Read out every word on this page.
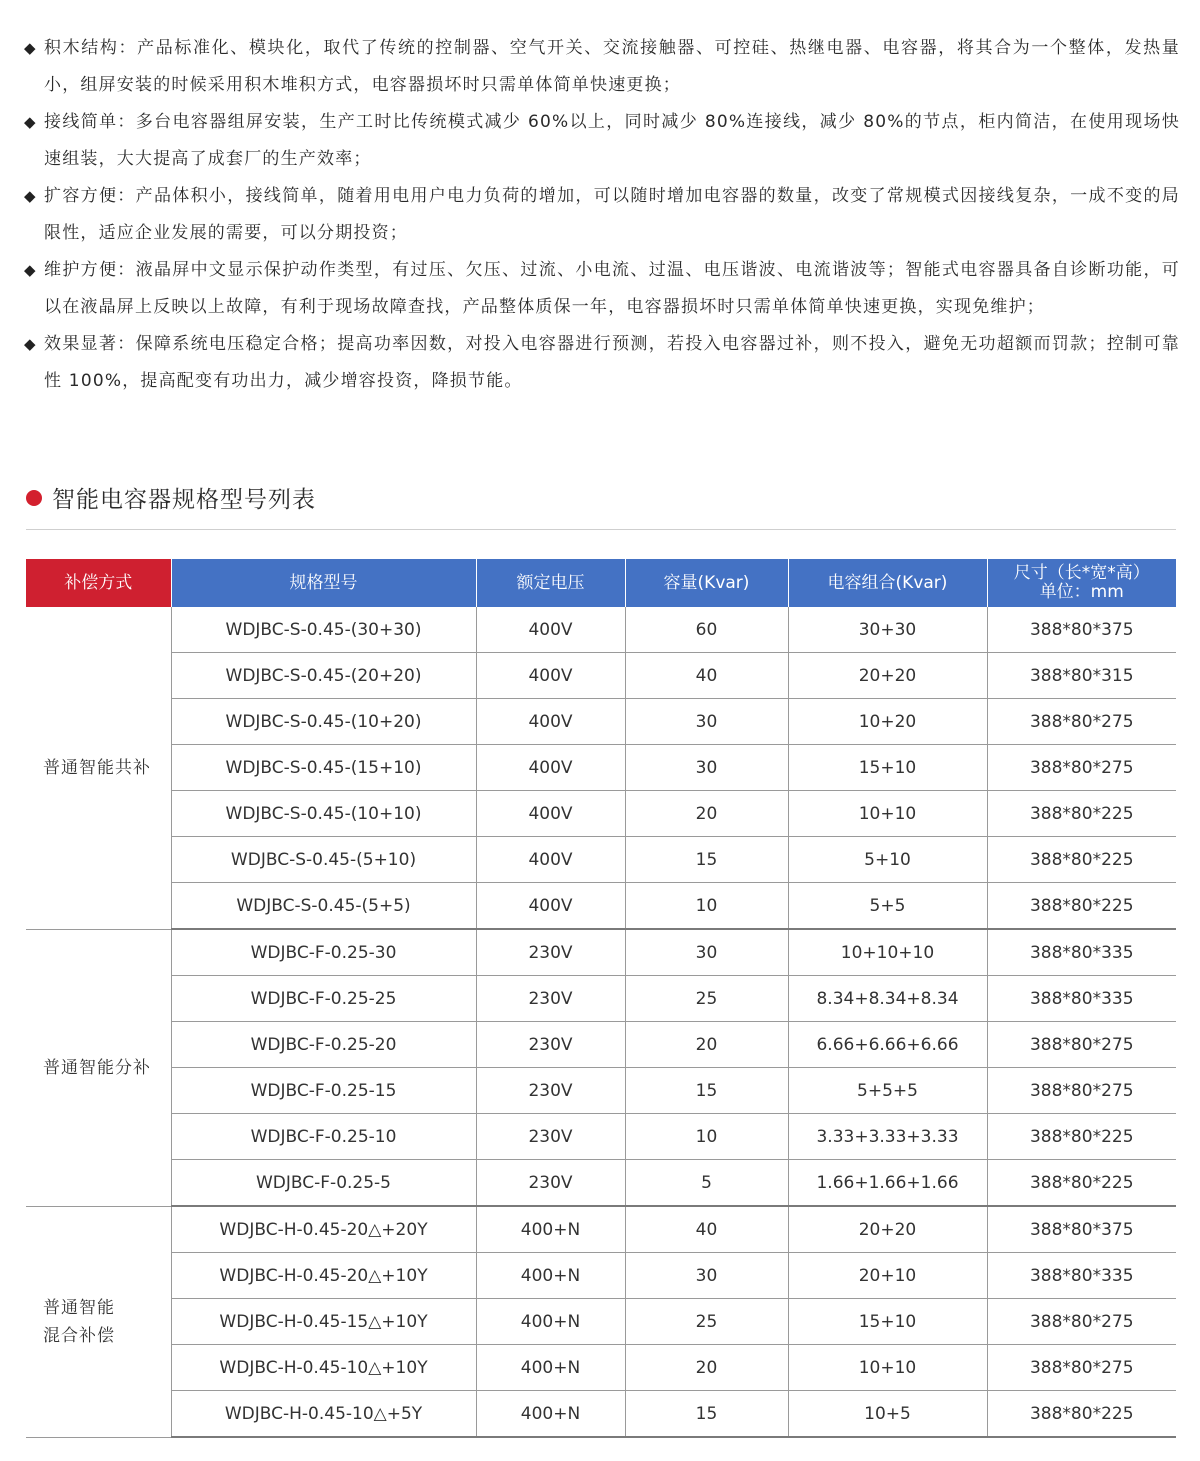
◆ 积木结构：产品标准化、模块化，取代了传统的控制器、空气开关、交流接触器、可控硅、热继电器、电容器，将其合为一个整体，发热量小，组屏安装的时候采用积木堆积方式，电容器损坏时只需单体简单快速更换；
◆ 接线简单：多台电容器组屏安装，生产工时比传统模式减少 60%以上，同时减少 80%连接线，减少 80%的节点，柜内简洁，在使用现场快速组装，大大提高了成套厂的生产效率；
◆ 扩容方便：产品体积小，接线简单，随着用电用户电力负荷的增加，可以随时增加电容器的数量，改变了常规模式因接线复杂，一成不变的局限性，适应企业发展的需要，可以分期投资；
◆ 维护方便：液晶屏中文显示保护动作类型，有过压、欠压、过流、小电流、过温、电压谐波、电流谐波等；智能式电容器具备自诊断功能，可以在液晶屏上反映以上故障，有利于现场故障查找，产品整体质保一年，电容器损坏时只需单体简单快速更换，实现免维护；
◆ 效果显著：保障系统电压稳定合格；提高功率因数，对投入电容器进行预测，若投入电容器过补，则不投入，避免无功超额而罚款；控制可靠性 100%，提高配变有功出力，减少增容投资，降损节能。
智能电容器规格型号列表
补偿方式	规格型号	额定电压	容量(Kvar)	电容组合(Kvar)	尺寸（长*宽*高）
单位：mm

普通智能共补	WDJBC-S-0.45-(30+30)	400V	60	30+30	388*80*375
	WDJBC-S-0.45-(20+20)	400V	40	20+20	388*80*315
	WDJBC-S-0.45-(10+20)	400V	30	10+20	388*80*275
	WDJBC-S-0.45-(15+10)	400V	30	15+10	388*80*275
	WDJBC-S-0.45-(10+10)	400V	20	10+10	388*80*225
	WDJBC-S-0.45-(5+10)	400V	15	5+10	388*80*225
	WDJBC-S-0.45-(5+5)	400V	10	5+5	388*80*225

普通智能分补	WDJBC-F-0.25-30	230V	30	10+10+10	388*80*335
	WDJBC-F-0.25-25	230V	25	8.34+8.34+8.34	388*80*335
	WDJBC-F-0.25-20	230V	20	6.66+6.66+6.66	388*80*275
	WDJBC-F-0.25-15	230V	15	5+5+5	388*80*275
	WDJBC-F-0.25-10	230V	10	3.33+3.33+3.33	388*80*225
	WDJBC-F-0.25-5	230V	5	1.66+1.66+1.66	388*80*225

普通智能
混合补偿	WDJBC-H-0.45-20△+20Y	400+N	40	20+20	388*80*375
	WDJBC-H-0.45-20△+10Y	400+N	30	20+10	388*80*335
	WDJBC-H-0.45-15△+10Y	400+N	25	15+10	388*80*275
	WDJBC-H-0.45-10△+10Y	400+N	20	10+10	388*80*275
	WDJBC-H-0.45-10△+5Y	400+N	15	10+5	388*80*225
